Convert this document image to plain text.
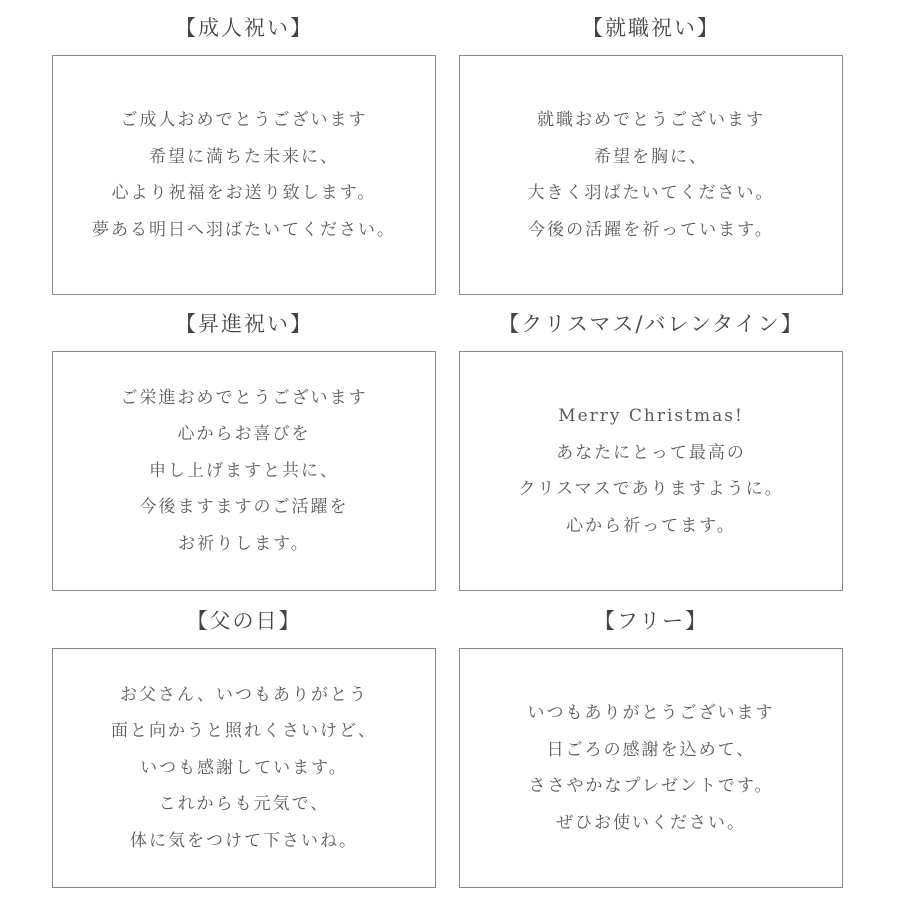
【成人祝い】
ご成人おめでとうございます
希望に満ちた未来に、
心より祝福をお送り致します。
夢ある明日へ羽ばたいてください。
【就職祝い】
就職おめでとうございます
希望を胸に、
大きく羽ばたいてください。
今後の活躍を祈っています。
【昇進祝い】
ご栄進おめでとうございます
心からお喜びを
申し上げますと共に、
今後ますますのご活躍を
お祈りします。
【クリスマス/バレンタイン】
Merry Christmas!
あなたにとって最高の
クリスマスでありますように。
心から祈ってます。
【父の日】
お父さん、いつもありがとう
面と向かうと照れくさいけど、
いつも感謝しています。
これからも元気で、
体に気をつけて下さいね。
【フリー】
いつもありがとうございます
日ごろの感謝を込めて、
ささやかなプレゼントです。
ぜひお使いください。
